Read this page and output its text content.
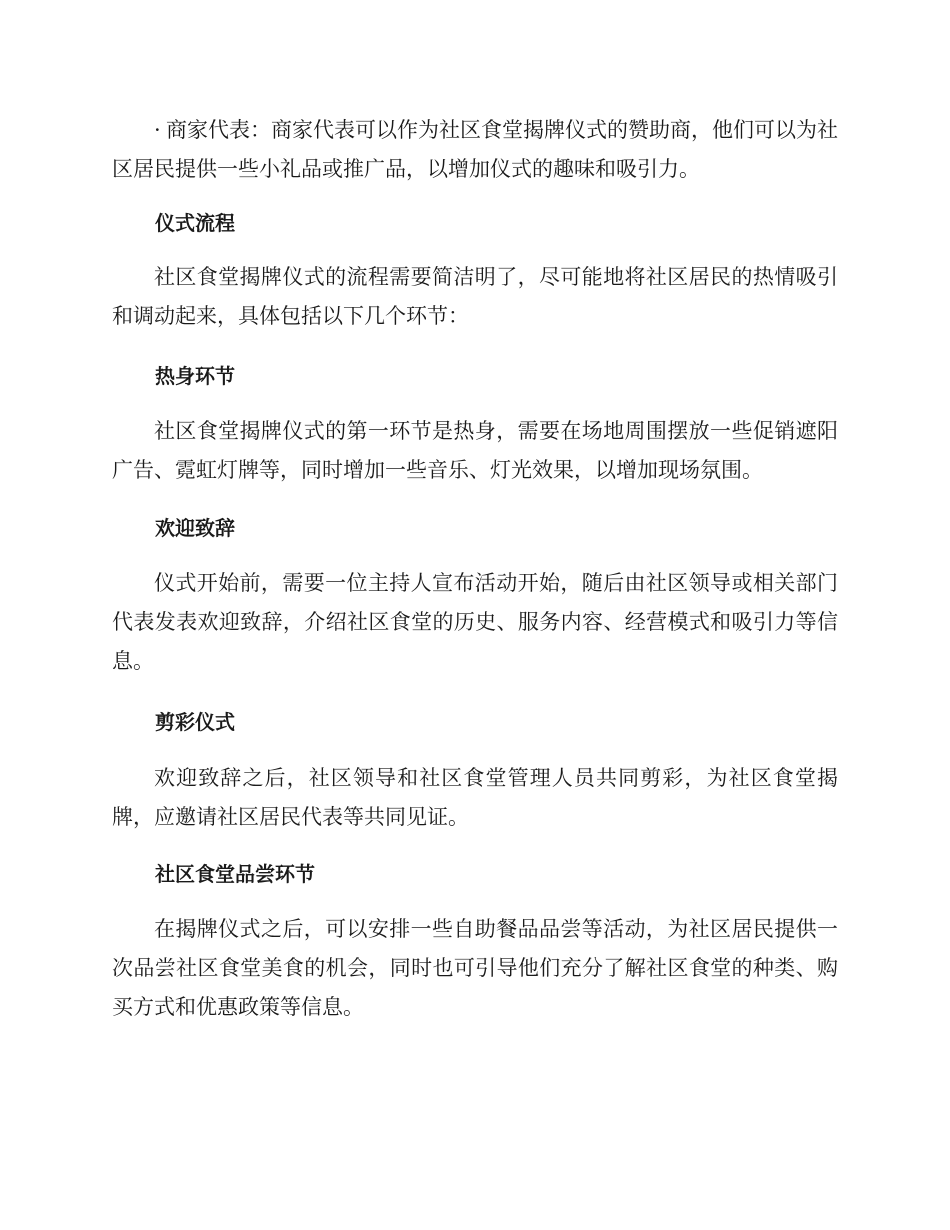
· 商家代表：商家代表可以作为社区食堂揭牌仪式的赞助商，他们可以为社区居民提供一些小礼品或推广品，以增加仪式的趣味和吸引力。

仪式流程

社区食堂揭牌仪式的流程需要简洁明了，尽可能地将社区居民的热情吸引和调动起来，具体包括以下几个环节：

热身环节

社区食堂揭牌仪式的第一环节是热身，需要在场地周围摆放一些促销遮阳广告、霓虹灯牌等，同时增加一些音乐、灯光效果，以增加现场氛围。

欢迎致辞

仪式开始前，需要一位主持人宣布活动开始，随后由社区领导或相关部门代表发表欢迎致辞，介绍社区食堂的历史、服务内容、经营模式和吸引力等信息。

剪彩仪式

欢迎致辞之后，社区领导和社区食堂管理人员共同剪彩，为社区食堂揭牌，应邀请社区居民代表等共同见证。

社区食堂品尝环节

在揭牌仪式之后，可以安排一些自助餐品品尝等活动，为社区居民提供一次品尝社区食堂美食的机会，同时也可引导他们充分了解社区食堂的种类、购买方式和优惠政策等信息。
